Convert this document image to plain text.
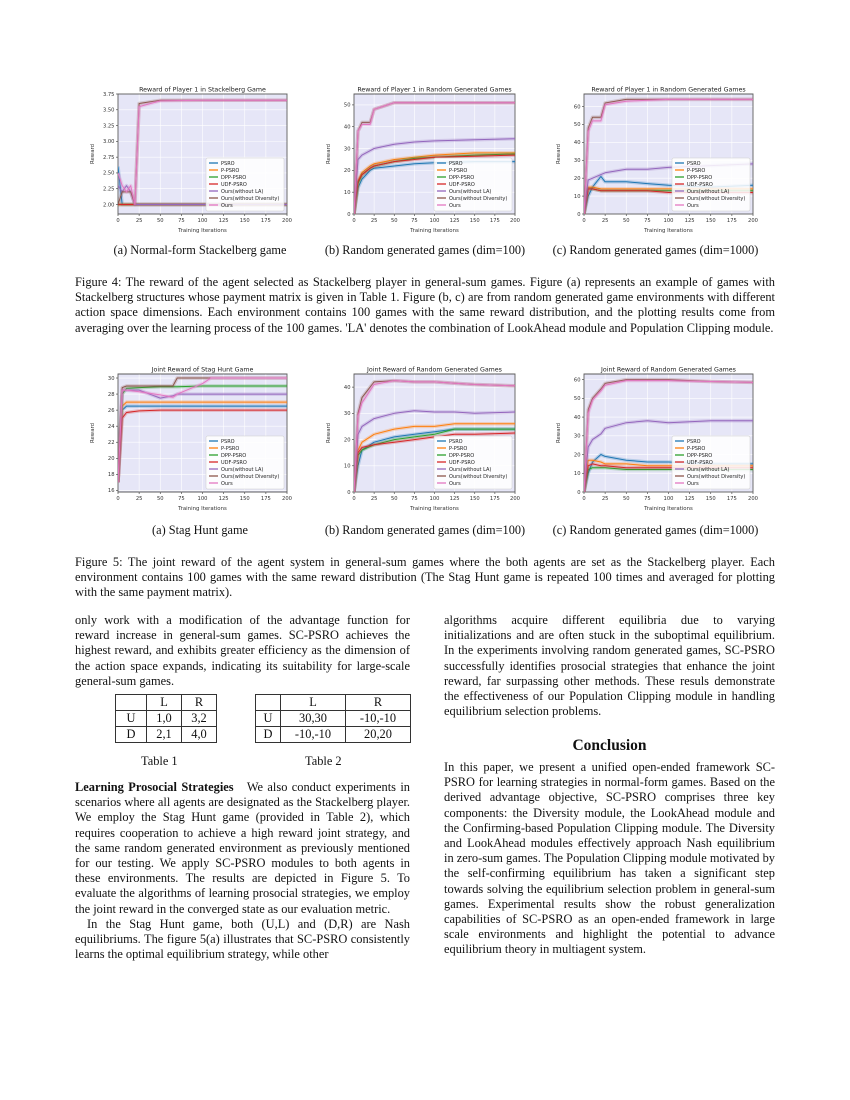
Reward of Player 1 in Stackelberg Game
0	25	50	75 100 125 150 175 200
2.00
2.25
2.50
2.75
3.00
3.25
3.50
3.75
Training Iterations
Reward	PSRO
P-PSRO
DPP-PSRO
UDF-PSRO
Ours(without LA)
Ours(without Diversity)
Ours
Reward of Player 1 in Random Generated Games
0	25	50	75 100 125 150 175 200
0
10
20
30
40
50
Training Iterations
Reward	PSRO
P-PSRO
DPP-PSRO
UDF-PSRO
Ours(without LA)
Ours(without Diversity)
Ours
Reward of Player 1 in Random Generated Games
0	25	50	75 100 125 150 175 200
0
10
20
30
40
50
60
Training Iterations
Reward	PSRO
P-PSRO
DPP-PSRO
UDF-PSRO
Ours(without LA)
Ours(without Diversity)
Ours
(a) Normal-form Stackelberg game	(b) Random generated games (dim=100)	(c) Random generated games (dim=1000)
Figure 4: The reward of the agent selected as Stackelberg player in general-sum games. Figure (a) represents an example of games with Stackelberg structures whose payment matrix is given in Table 1. Figure (b, c) are from random generated game environments with different action space dimensions. Each environment contains 100 games with the same reward distribution, and the plotting results come from averaging over the learning process of the 100 games. 'LA' denotes the combination of LookAhead module and Population Clipping module.
Joint Reward of Stag Hunt Game
0	25	50	75 100 125 150 175 200
16
18
20
22
24
26
28
30
Training Iterations
Reward	PSRO
P-PSRO
DPP-PSRO
UDF-PSRO
Ours(without LA)
Ours(without Diversity)
Ours
Joint Reward of Random Generated Games
0	25	50	75 100 125 150 175 200
0
10
20
30
40
Training Iterations
Reward	PSRO
P-PSRO
DPP-PSRO
UDF-PSRO
Ours(without LA)
Ours(without Diversity)
Ours
Joint Reward of Random Generated Games
0	25	50	75 100 125 150 175 200
0
10
20
30
40
50
60
Training Iterations
Reward	PSRO
P-PSRO
DPP-PSRO
UDF-PSRO
Ours(without LA)
Ours(without Diversity)
Ours
(a) Stag Hunt game	(b) Random generated games (dim=100)	(c) Random generated games (dim=1000)
Figure 5: The joint reward of the agent system in general-sum games where the both agents are set as the Stackelberg player. Each environment contains 100 games with the same reward distribution (The Stag Hunt game is repeated 100 times and averaged for plotting with the same payment matrix).

only work with a modification of the advantage function for reward increase in general-sum games. SC-PSRO achieves the highest reward, and exhibits greater efficiency as the dimension of the action space expands, indicating its suitability for large-scale general-sum games.

	L	R
U	1,0	3,2
D	2,1	4,0
Table 1
	L	R
U	30,30	-10,-10
D	-10,-10	20,20
Table 2

Learning Prosocial Strategies We also conduct experiments in scenarios where all agents are designated as the Stackelberg player. We employ the Stag Hunt game (provided in Table 2), which requires cooperation to achieve a high reward joint strategy, and the same random generated environment as previously mentioned for our testing. We apply SC-PSRO modules to both agents in these environments. The results are depicted in Figure 5. To evaluate the algorithms of learning prosocial strategies, we employ the joint reward in the converged state as our evaluation metric.

In the Stag Hunt game, both (U,L) and (D,R) are Nash equilibriums. The figure 5(a) illustrates that SC-PSRO consistently learns the optimal equilibrium strategy, while other

algorithms acquire different equilibria due to varying initializations and are often stuck in the suboptimal equilibrium. In the experiments involving random generated games, SC-PSRO successfully identifies prosocial strategies that enhance the joint reward, far surpassing other methods. These resuls demonstrate the effectiveness of our Population Clipping module in handling equilibrium selection problems.

Conclusion

In this paper, we present a unified open-ended framework SC-PSRO for learning strategies in normal-form games. Based on the derived advantage objective, SC-PSRO comprises three key components: the Diversity module, the LookAhead module and the Confirming-based Population Clipping module. The Diversity and LookAhead modules effectively approach Nash equilibrium in zero-sum games. The Population Clipping module motivated by the self-confirming equilibrium has taken a significant step towards solving the equilibrium selection problem in general-sum games. Experimental results show the robust generalization capabilities of SC-PSRO as an open-ended framework in large scale environments and highlight the potential to advance equilibrium theory in multiagent system.
